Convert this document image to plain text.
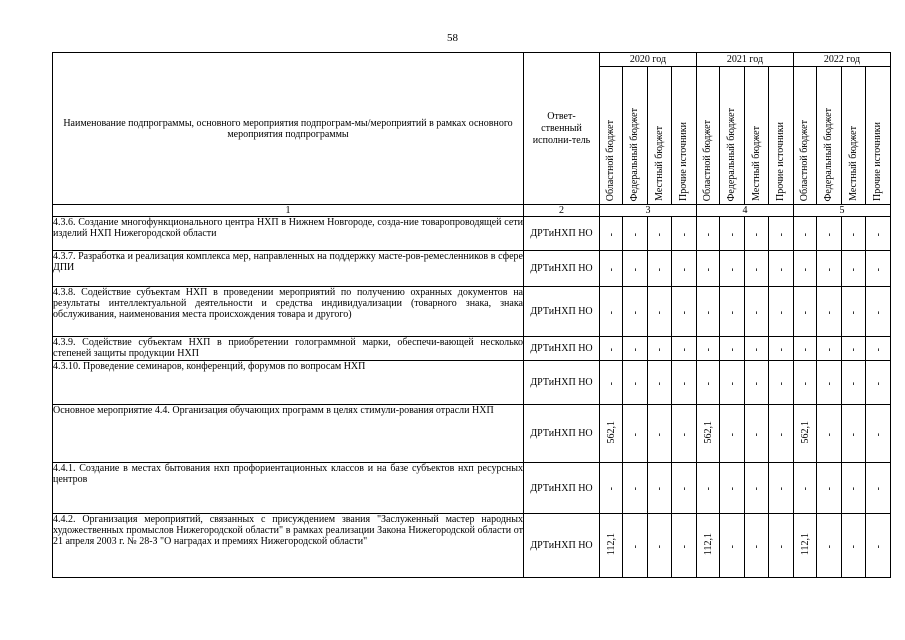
58
Наименование подпрограммы, основного мероприятия подпрограм-мы/мероприятий в рамках основного мероприятия подпрограммы	Ответ-ственный исполни-тель	2020 год				2021 год				2022 год			

		Областной бюджет	Федеральный бюджет	Местный бюджет	Прочие источники	Областной бюджет	Федеральный бюджет	Местный бюджет	Прочие источники	Областной бюджет	Федеральный бюджет	Местный бюджет	Прочие источники

1	2	3				4				5			
4.3.6. Создание многофункционального центра НХП в Нижнем Новгороде, созда-ние товаропроводящей сети изделий НХП Нижегородской области	ДРТиНХП НО	-	-	-	-	-	-	-	-	-	-	-	-
4.3.7. Разработка и реализация комплекса мер, направленных на поддержку масте-ров-ремесленников в сфере ДПИ	ДРТиНХП НО	-	-	-	-	-	-	-	-	-	-	-	-
4.3.8. Содействие субъектам НХП в проведении мероприятий по получению охранных документов на результаты интеллектуальной деятельности и средства индивидуализации (товарного знака, знака обслуживания, наименования места происхождения товара и другого)	ДРТиНХП НО	-	-	-	-	-	-	-	-	-	-	-	-
4.3.9. Содействие субъектам НХП в приобретении голограммной марки, обеспечи-вающей несколько степеней защиты продукции НХП	ДРТиНХП НО	-	-	-	-	-	-	-	-	-	-	-	-
4.3.10. Проведение семинаров, конференций, форумов по вопросам НХП	ДРТиНХП НО	-	-	-	-	-	-	-	-	-	-	-	-
Основное мероприятие 4.4. Организация обучающих программ в целях стимули-рования отрасли НХП	ДРТиНХП НО	562,1	-	-	-	562,1	-	-	-	562,1	-	-	-
4.4.1. Создание в местах бытования нхп профориентационных классов и на базе субъектов нхп ресурсных центров	ДРТиНХП НО	-	-	-	-	-	-	-	-	-	-	-	-
4.4.2. Организация мероприятий, связанных с присуждением звания "Заслуженный мастер народных художественных промыслов Нижегородской области" в рамках реализации Закона Нижегородской области от 21 апреля 2003 г. № 28-З "О наградах и премиях Нижегородской области"	ДРТиНХП НО	112,1	-	-	-	112,1	-	-	-	112,1	-	-	-
